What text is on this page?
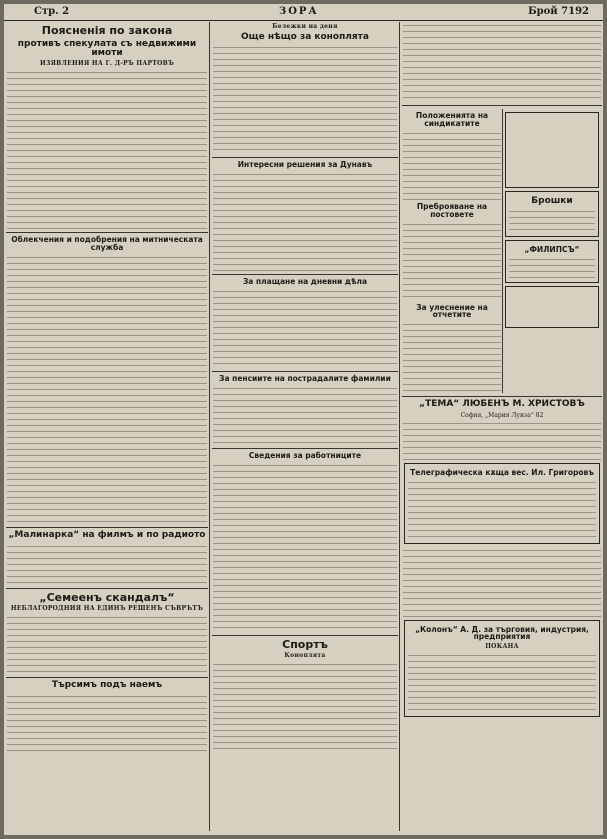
Стр. 2	ЗОРА	Брой 7192
Поясненiя по закона
противъ спекулата съ недвижими имоти
ИЗЯВЛЕНИЯ НА Г. Д-РЪ ПАРТОВЪ
Облекчения и подобрения на митническата служба
„Малинарка“ на филмъ и по радиото
„Семеенъ скандалъ“
НЕБЛАГОРОДНИЯ НА ЕДИНЪ РЕШЕНЪ СЪВРЪТЪ
Търсимъ подъ наемъ
Бележки на деня
Още нѣщо за коноплята
Интересни решения за Дунавъ
За плащане на дневни дѣла
За пенсиите на пострадалите фамилии
Сведения за работниците
Спортъ
Коноплята
Положенията на синдикатите
Преброяване на постовете
За улеснение на отчетите
Брошки
„ФИЛИПСЪ“
„ТЕМА“ ЛЮБЕНЪ М. ХРИСТОВЪ
София, „Мария Луиза“ 82
Телеграфическа кѫща вес. Ил. Григоровъ
„Колонъ“ А. Д. за търговия, индустрия, предприятия
ПОКАНА
